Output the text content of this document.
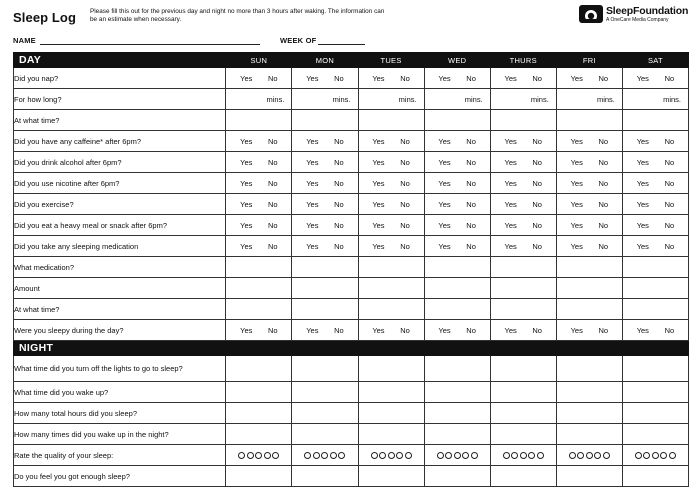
Sleep Log Please fill this out for the previous day and night no more than 3 hours after waking. The information can be an estimate when necessary.
SleepFoundation
A OneCare Media Company
NAME	WEEK OF
DAY	SUN	MON	TUES	WED	THURS	FRI	SAT
Did you nap?	Yes No	Yes No	Yes No	Yes No	Yes No	Yes No	Yes No

For how long?	mins.	mins.	mins.	mins.	mins.	mins.	mins.

At what time?							
Did you have any caffeine* after 6pm?	Yes No	Yes No	Yes No	Yes No	Yes No	Yes No	Yes No

Did you drink alcohol after 6pm?	Yes No	Yes No	Yes No	Yes No	Yes No	Yes No	Yes No

Did you use nicotine after 6pm?	Yes No	Yes No	Yes No	Yes No	Yes No	Yes No	Yes No

Did you exercise?	Yes No	Yes No	Yes No	Yes No	Yes No	Yes No	Yes No

Did you eat a heavy meal or snack after 6pm?	Yes No	Yes No	Yes No	Yes No	Yes No	Yes No	Yes No

Did you take any sleeping medication	Yes No	Yes No	Yes No	Yes No	Yes No	Yes No	Yes No

What medication?							
Amount							
At what time?							
Were you sleepy during the day?	Yes No	Yes No	Yes No	Yes No	Yes No	Yes No	Yes No

NIGHT							
What time did you turn off the lights to go to sleep?							
What time did you wake up?							
How many total hours did you sleep?							
How many times did you wake up in the night?							
Rate the quality of your sleep:	

Do you feel you got enough sleep?							
